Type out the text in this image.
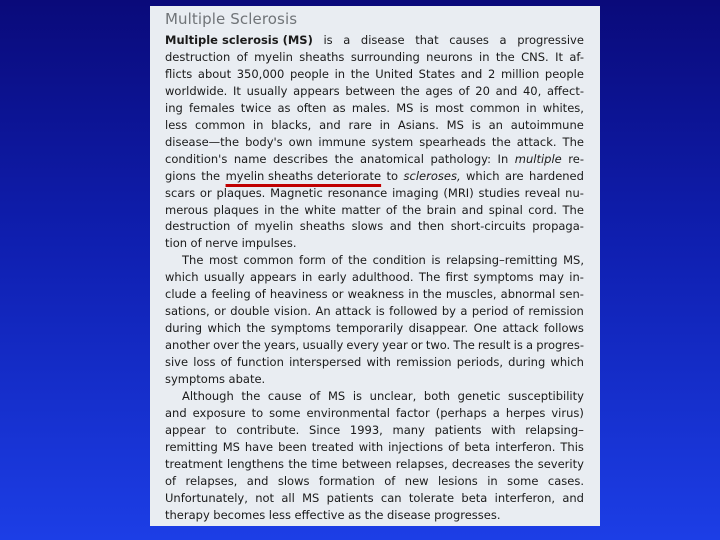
Multiple Sclerosis
Multiple sclerosis (MS) is a disease that causes a progressive
destruction of myelin sheaths surrounding neurons in the CNS. It af-
flicts about 350,000 people in the United States and 2 million people
worldwide. It usually appears between the ages of 20 and 40, affect-
ing females twice as often as males. MS is most common in whites,
less common in blacks, and rare in Asians. MS is an autoimmune
disease—the body's own immune system spearheads the attack. The
condition's name describes the anatomical pathology: In multiple re-
gions the myelin sheaths deteriorate to scleroses, which are hardened
scars or plaques. Magnetic resonance imaging (MRI) studies reveal nu-
merous plaques in the white matter of the brain and spinal cord. The
destruction of myelin sheaths slows and then short-circuits propaga-
tion of nerve impulses.
The most common form of the condition is relapsing–remitting MS,
which usually appears in early adulthood. The first symptoms may in-
clude a feeling of heaviness or weakness in the muscles, abnormal sen-
sations, or double vision. An attack is followed by a period of remission
during which the symptoms temporarily disappear. One attack follows
another over the years, usually every year or two. The result is a progres-
sive loss of function interspersed with remission periods, during which
symptoms abate.
Although the cause of MS is unclear, both genetic susceptibility
and exposure to some environmental factor (perhaps a herpes virus)
appear to contribute. Since 1993, many patients with relapsing–
remitting MS have been treated with injections of beta interferon. This
treatment lengthens the time between relapses, decreases the severity
of relapses, and slows formation of new lesions in some cases.
Unfortunately, not all MS patients can tolerate beta interferon, and
therapy becomes less effective as the disease progresses.
